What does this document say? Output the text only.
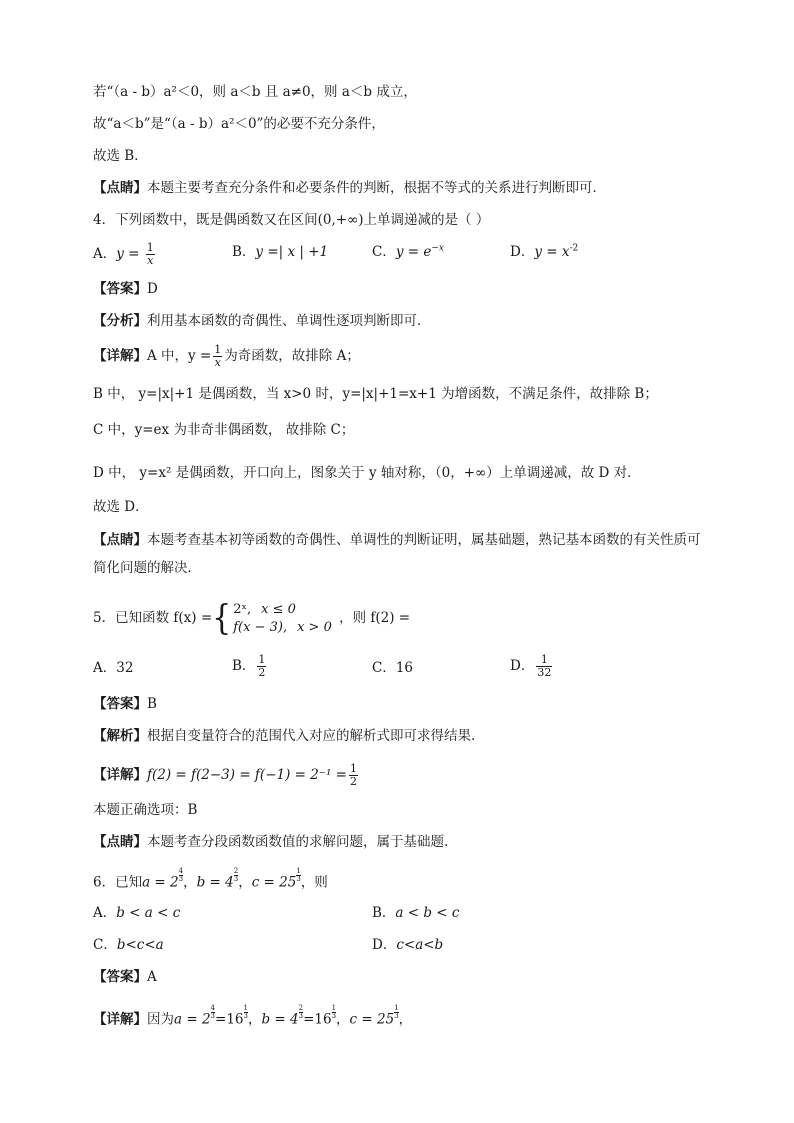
若“（a - b）a²＜0，则 a＜b 且 a≠0，则 a＜b 成立，
故“a＜b”是“（a - b）a²＜0”的必要不充分条件，
故选 B．
【点睛】本题主要考查充分条件和必要条件的判断，根据不等式的关系进行判断即可．
4．下列函数中，既是偶函数又在区间(0,+∞)上单调递减的是（ ）
A．$y = \frac{1}{x}$	B．y =| x | +1	C．$y = e^{-x}$	D．$y = x^{-2}$
【答案】D
【分析】利用基本函数的奇偶性、单调性逐项判断即可．
【详解】A 中，$y = \frac{1}{x}$ 为奇函数，故排除 A；
B 中， y=|x|+1 是偶函数，当 x>0 时，y=|x|+1=x+1 为增函数，不满足条件，故排除 B；
C 中，y=ex 为非奇非偶函数， 故排除 C；
D 中， y=x² 是偶函数，开口向上，图象关于 y 轴对称，（0，+∞）上单调递减，故 D 对．
故选 D．
【点睛】本题考查基本初等函数的奇偶性、单调性的判断证明，属基础题，熟记基本函数的有关性质可简化问题的解决．
5．已知函数 f(x) ={ 2ˣ, x ≤ 0
f(x − 3), x > 0
，则 f(2) =
A．32	B． $\frac{1}{2}$	C．16	D． $\frac{1}{32}$
【答案】B
【解析】根据自变量符合的范围代入对应的解析式即可求得结果.
【详解】$f(2) = f(2-3) = f(-1) = 2^{-1} = \frac{1}{2}$
本题正确选项：B
【点睛】本题考查分段函数函数值的求解问题，属于基础题.
6．已知$a = 2 \frac{4}{3}$ ，$b = 4 \frac{2}{3}$ ，$c = 25 \frac{1}{3}$ ，则
A．b < a < c	B．a < b < c
C．b<c<a	D．c<a<b
【答案】A
【详解】因为$a = 2 \frac{4}{3} =16 \frac{1}{3}$ ，$b = 4 \frac{2}{3} =16 \frac{1}{3}$ ，$c = 25 \frac{1}{3}$ ，
